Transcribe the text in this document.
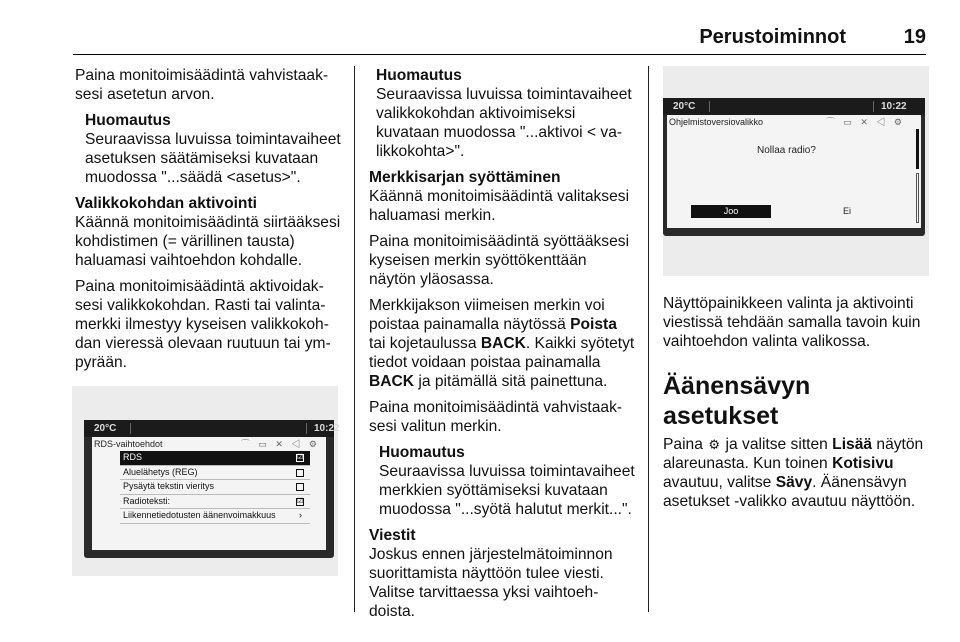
Perustoiminnot	19

Paina monitoimisäädintä vahvistaaksesi asetetun arvon.

Huomautus
Seuraavissa luvuissa toimintavaiheet asetuksen säätämiseksi kuvataan muodossa "...säädä <asetus>".
Valikkokohdan aktivointi

Käännä monitoimisäädintä siirtääksesi kohdistimen (= värillinen tausta) haluamasi vaihtoehdon kohdalle.

Paina monitoimisäädintä aktivoidaksesi valikkokohdan. Rasti tai valintamerkki ilmestyy kyseisen valikkokohdan vieressä olevaan ruutuun tai ympyrään.

20°C	10:22
RDS-vaihtoehdot	⌒ ▭ ✕ ◁ ⚙
RDS	☑
Aluelähetys (REG)
Pysäytä tekstin vieritys
Radioteksti:	☑
Liikennetiedotusten äänenvoimakkuus	›
Huomautus
Seuraavissa luvuissa toimintavaiheet valikkokohdan aktivoimiseksi kuvataan muodossa "...aktivoi < valikkokohta>".
Merkkisarjan syöttäminen

Käännä monitoimisäädintä valitaksesi haluamasi merkin.

Paina monitoimisäädintä syöttääksesi kyseisen merkin syöttökenttään näytön yläosassa.

Merkkijakson viimeisen merkin voi poistaa painamalla näytössä Poista tai kojetaulussa BACK. Kaikki syötetyt tiedot voidaan poistaa painamalla BACK ja pitämällä sitä painettuna.

Paina monitoimisäädintä vahvistaaksesi valitun merkin.

Huomautus
Seuraavissa luvuissa toimintavaiheet merkkien syöttämiseksi kuvataan muodossa "...syötä halutut merkit...".
Viestit

Joskus ennen järjestelmätoiminnon suorittamista näyttöön tulee viesti. Valitse tarvittaessa yksi vaihtoehdoista.

20°C	10:22
Ohjelmistoversiovalikko	⌒ ▭ ✕ ◁ ⚙
Nollaa radio?
Joo	Ei

Näyttöpainikkeen valinta ja aktivointi viestissä tehdään samalla tavoin kuin vaihtoehdon valinta valikossa.

Äänensävyn asetukset

Paina ⚙ ja valitse sitten Lisää näytön alareunasta. Kun toinen Kotisivu avautuu, valitse Sävy. Äänensävyn asetukset -valikko avautuu näyttöön.
